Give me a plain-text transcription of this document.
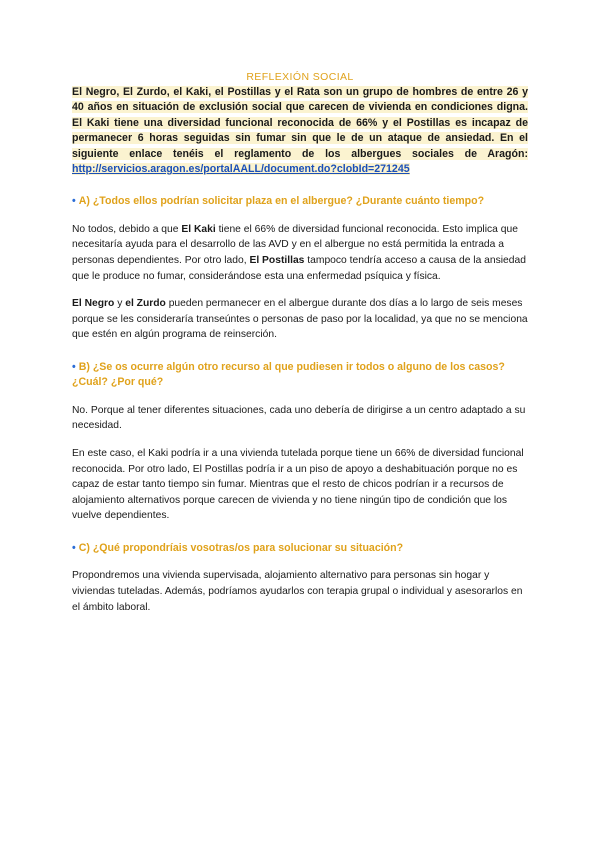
REFLEXIÓN SOCIAL

El Negro, El Zurdo, el Kaki, el Postillas y el Rata son un grupo de hombres de entre 26 y 40 años en situación de exclusión social que carecen de vivienda en condiciones digna. El Kaki tiene una diversidad funcional reconocida de 66% y el Postillas es incapaz de permanecer 6 horas seguidas sin fumar sin que le de un ataque de ansiedad. En el siguiente enlace tenéis el reglamento de los albergues sociales de Aragón: http://servicios.aragon.es/portalAALL/document.do?clobId=271245

• A) ¿Todos ellos podrían solicitar plaza en el albergue? ¿Durante cuánto tiempo?

No todos, debido a que El Kaki tiene el 66% de diversidad funcional reconocida. Esto implica que necesitaría ayuda para el desarrollo de las AVD y en el albergue no está permitida la entrada a personas dependientes. Por otro lado, El Postillas tampoco tendría acceso a causa de la ansiedad que le produce no fumar, considerándose esta una enfermedad psíquica y física.

El Negro y el Zurdo pueden permanecer en el albergue durante dos días a lo largo de seis meses porque se les consideraría transeúntes o personas de paso por la localidad, ya que no se menciona que estén en algún programa de reinserción.

• B) ¿Se os ocurre algún otro recurso al que pudiesen ir todos o alguno de los casos? ¿Cuál? ¿Por qué?

No. Porque al tener diferentes situaciones, cada uno debería de dirigirse a un centro adaptado a su necesidad.

En este caso, el Kaki podría ir a una vivienda tutelada porque tiene un 66% de diversidad funcional reconocida. Por otro lado, El Postillas podría ir a un piso de apoyo a deshabituación porque no es capaz de estar tanto tiempo sin fumar. Mientras que el resto de chicos podrían ir a recursos de alojamiento alternativos porque carecen de vivienda y no tiene ningún tipo de condición que los vuelve dependientes.

• C) ¿Qué propondríais vosotras/os para solucionar su situación?

Propondremos una vivienda supervisada, alojamiento alternativo para personas sin hogar y viviendas tuteladas. Además, podríamos ayudarlos con terapia grupal o individual y asesorarlos en el ámbito laboral.
